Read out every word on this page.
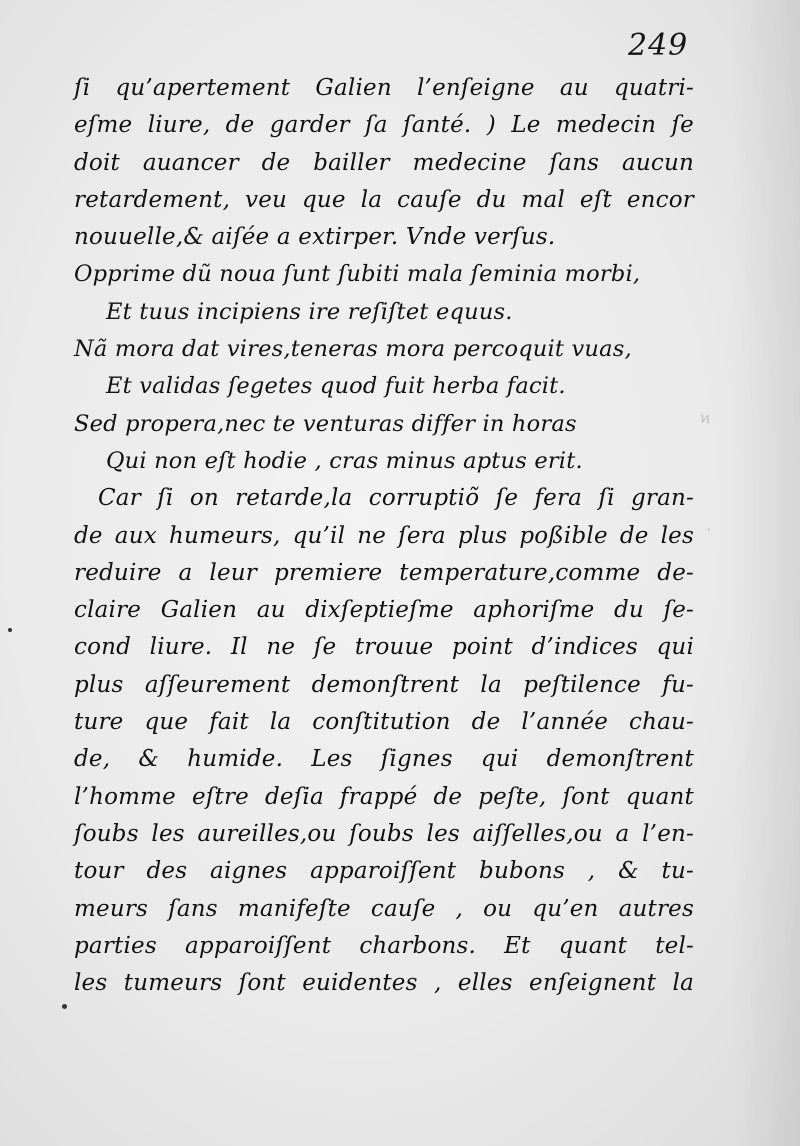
ͷ
·
249
ſi qu’apertement Galien l’enſeigne au quatri-
eſme liure, de garder ſa ſanté. ) Le medecin ſe
doit auancer de bailler medecine ſans aucun
retardement, veu que la cauſe du mal eſt encor
nouuelle,& aiſée a extirper. Vnde verſus.
Opprime dũ noua ſunt ſubiti mala ſeminia morbi,
Et tuus incipiens ire reſiſtet equus.
Nã mora dat vires,teneras mora percoquit vuas,
Et validas ſegetes quod fuit herba facit.
Sed propera,nec te venturas differ in horas
Qui non eſt hodie , cras minus aptus erit.
Car ſi on retarde,la corruptiõ ſe fera ſi gran-
de aux humeurs, qu’il ne ſera plus poßible de les
reduire a leur premiere temperature,comme de-
claire Galien au dixſeptieſme aphoriſme du ſe-
cond liure. Il ne ſe trouue point d’indices qui
plus aſſeurement demonſtrent la peſtilence fu-
ture que fait la conſtitution de l’année chau-
de, & humide. Les ſignes qui demonſtrent
l’homme eſtre deſia frappé de peſte, ſont quant
ſoubs les aureilles,ou ſoubs les aiſſelles,ou a l’en-
tour des aignes apparoiſſent bubons , & tu-
meurs ſans manifeſte cauſe , ou qu’en autres
parties apparoiſſent charbons. Et quant tel-
les tumeurs ſont euidentes , elles enſeignent la
